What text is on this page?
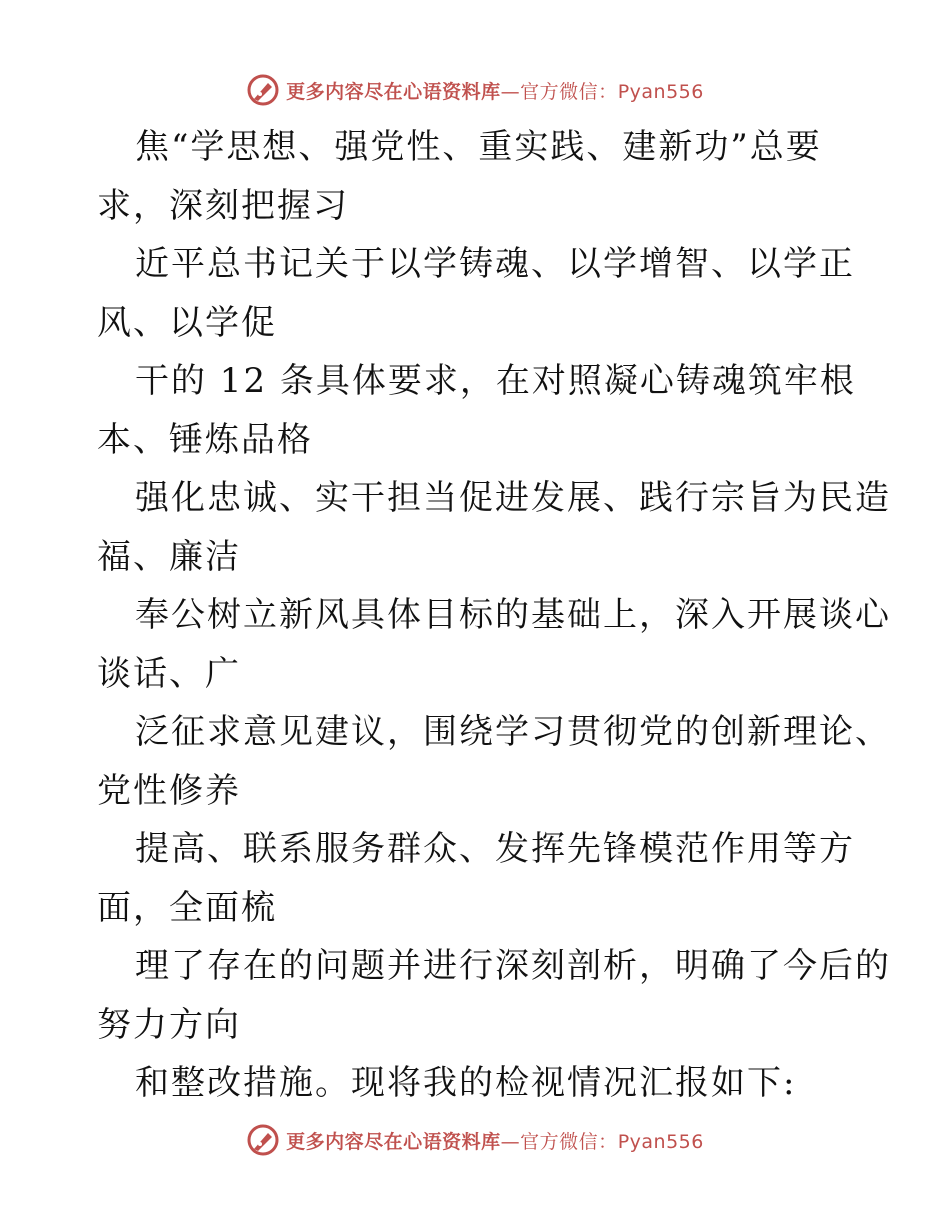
更多内容尽在心语资料库—官方微信：Pyan556
焦“学思想、强党性、重实践、建新功”总要
求，深刻把握习
近平总书记关于以学铸魂、以学增智、以学正
风、以学促
干的 12 条具体要求，在对照凝心铸魂筑牢根
本、锤炼品格
强化忠诚、实干担当促进发展、践行宗旨为民造
福、廉洁
奉公树立新风具体目标的基础上，深入开展谈心
谈话、广
泛征求意见建议，围绕学习贯彻党的创新理论、
党性修养
提高、联系服务群众、发挥先锋模范作用等方
面，全面梳
理了存在的问题并进行深刻剖析，明确了今后的
努力方向
和整改措施。现将我的检视情况汇报如下:
更多内容尽在心语资料库—官方微信：Pyan556
